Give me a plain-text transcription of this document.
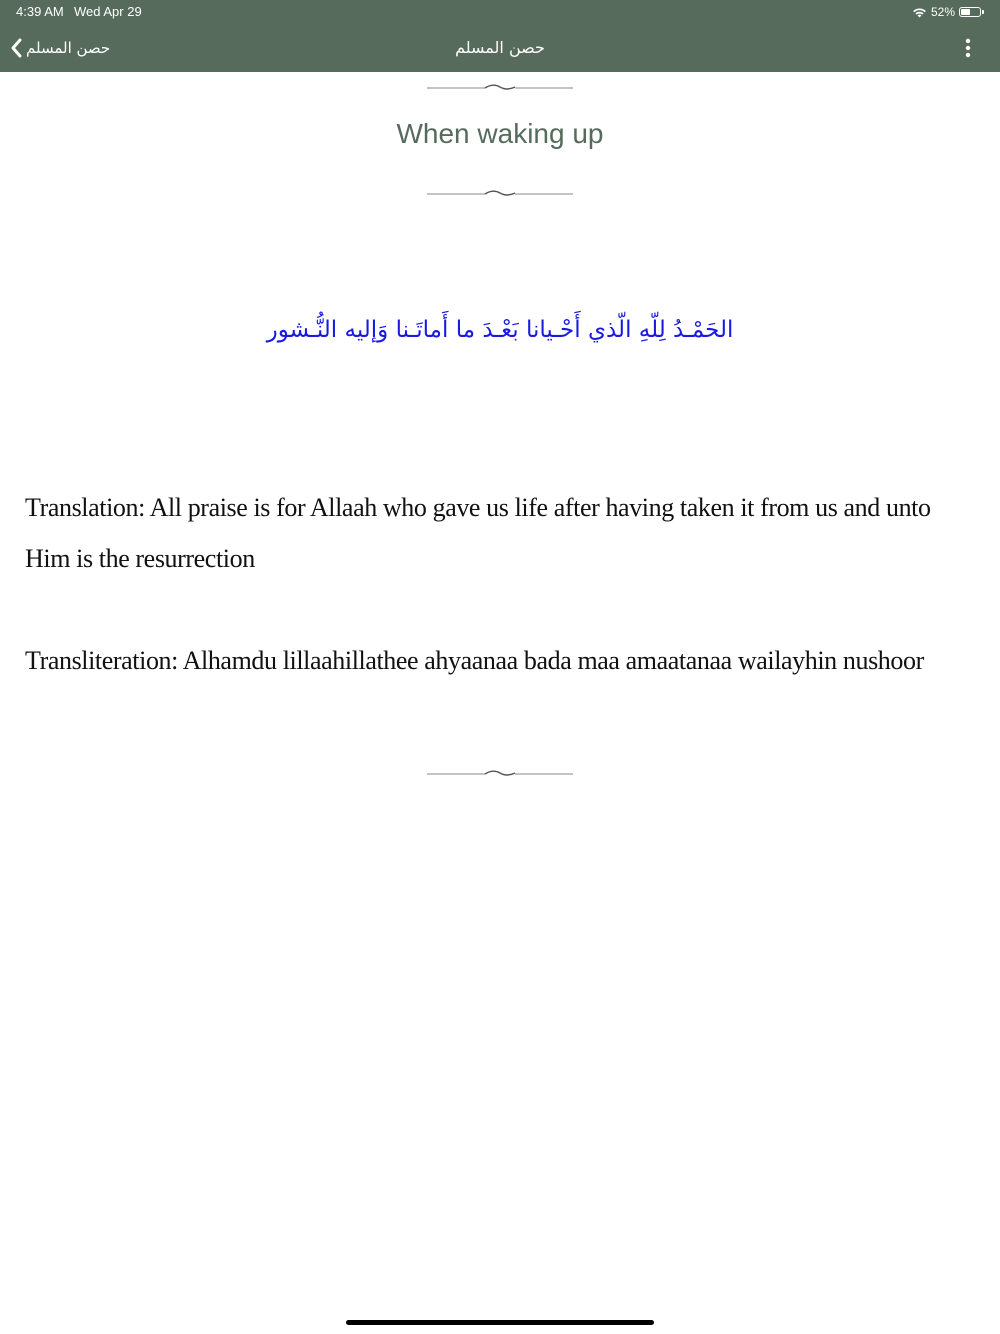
4:39 AM Wed Apr 29	52%
حصن المسلم	حصن المسلم
When waking up
الحَمْـدُ لِلّهِ الّذي أَحْـيانا بَعْـدَ ما أَماتَـنا وَإليه النُّـشور
Translation: All praise is for Allaah who gave us life after having taken it from us and unto Him is the resurrection
Transliteration: Alhamdu lillaahillathee ahyaanaa bada maa amaatanaa wailayhin nushoor
